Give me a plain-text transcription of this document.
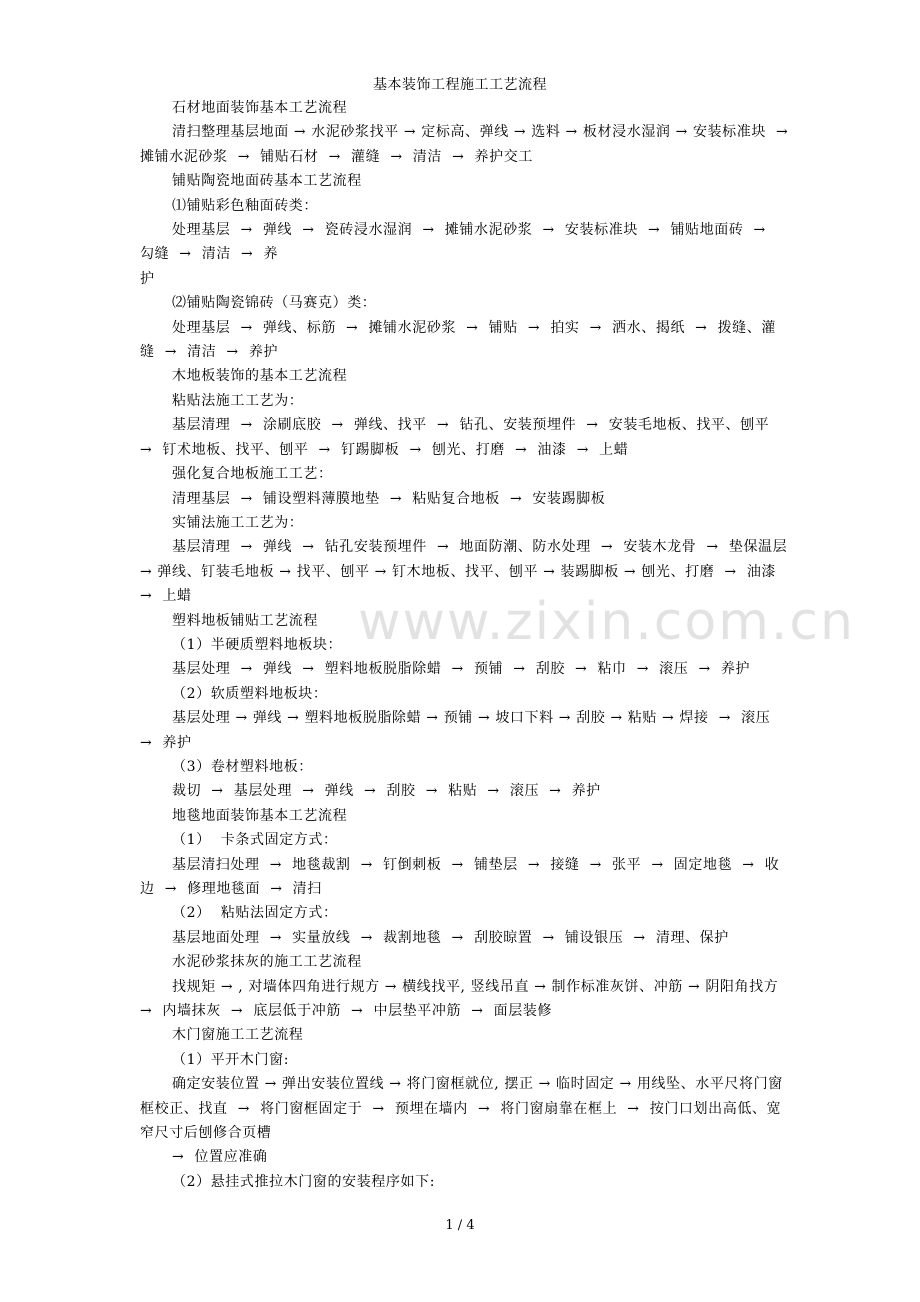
基本装饰工程施工工艺流程
www.zixin.com.cn

石材地面装饰基本工艺流程

清扫整理基层地面 → 水泥砂浆找平 → 定标高、弹线 → 选料 → 板材浸水湿润 → 安装标准块  →  摊铺水泥砂浆  →  铺贴石材  →  灌缝  →  清洁  →  养护交工

铺贴陶瓷地面砖基本工艺流程

⑴铺贴彩色釉面砖类：

处理基层  →  弹线  →  瓷砖浸水湿润  →  摊铺水泥砂浆  →  安装标准块  →  铺贴地面砖  →  勾缝  →  清洁  →  养

护

⑵铺贴陶瓷锦砖（马赛克）类：

处理基层  →  弹线、标筋  →  摊铺水泥砂浆  →  铺贴  →  拍实  →  洒水、揭纸  →  拨缝、灌缝  →  清洁  →  养护

木地板装饰的基本工艺流程

粘贴法施工工艺为：

基层清理  →  涂刷底胶  →  弹线、找平  →  钻孔、安装预埋件  →  安装毛地板、找平、刨平  →  钉术地板、找平、刨平  →  钉踢脚板  →  刨光、打磨  →  油漆  →  上蜡

强化复合地板施工工艺：

清理基层  →  铺设塑料薄膜地垫  →  粘贴复合地板  →  安装踢脚板

实铺法施工工艺为：

基层清理  →  弹线  →  钻孔安装预埋件  →  地面防潮、防水处理  →  安装木龙骨  →  垫保温层 → 弹线、钉装毛地板 → 找平、刨平 → 钉木地板、找平、刨平 → 装踢脚板 → 刨光、打磨  →  油漆  →  上蜡

塑料地板铺贴工艺流程

（1）半硬质塑料地板块：

基层处理  →  弹线  →  塑料地板脱脂除蜡  →  预铺  →  刮胶  →  粘巾  →  滚压  →  养护

（2）软质塑料地板块：

基层处理 → 弹线 → 塑料地板脱脂除蜡 → 预铺 → 坡口下料 → 刮胶 → 粘贴 → 焊接  →  滚压  →  养护

（3）卷材塑料地板：

裁切  →  基层处理  →  弹线  →  刮胶  →  粘贴  →  滚压  →  养护

地毯地面装饰基本工艺流程

（1）  卡条式固定方式：

基层清扫处理  →  地毯裁割  →  钉倒刺板  →  铺垫层  →  接缝  →  张平  →  固定地毯  →  收边  →  修理地毯面  →  清扫

（2）  粘贴法固定方式：

基层地面处理  →  实量放线  →  裁割地毯  →  刮胶晾置  →  铺设银压  →  清理、保护

水泥砂浆抹灰的施工工艺流程

找规矩 → , 对墙体四角进行规方 → 横线找平, 竖线吊直 → 制作标准灰饼、冲筋 → 阴阳角找方  →  内墙抹灰  →  底层低于冲筋  →  中层垫平冲筋  →  面层装修

木门窗施工工艺流程

（1）平开木门窗:

确定安装位置 → 弹出安装位置线 → 将门窗框就位, 摆正 → 临时固定 → 用线坠、水平尺将门窗框校正、找直  →  将门窗框固定于  →  预埋在墙内  →  将门窗扇靠在框上  →  按门口划出高低、宽窄尺寸后刨修合页槽

→  位置应准确

（2）悬挂式推拉木门窗的安装程序如下:

1 / 4
